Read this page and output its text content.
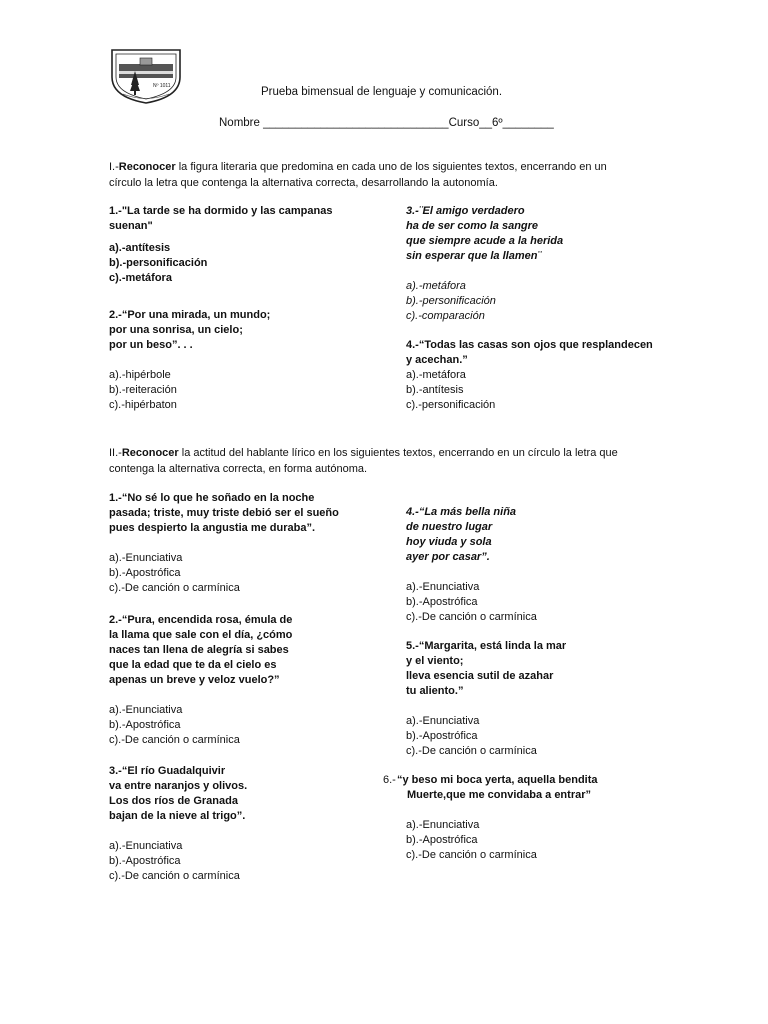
Nº 1011	Prueba bimensual de lenguaje y comunicación.
Nombre _____________________________Curso__6º________
I.-Reconocer la figura literaria que predomina en cada uno de los siguientes textos, encerrando en un
círculo la letra que contenga la alternativa correcta, desarrollando la autonomía.
1.-"La tarde se ha dormido y las campanas
suenan"
a).-antítesis
b).-personificación
c).-metáfora
2.-“Por una mirada, un mundo;
por una sonrisa, un cielo;
por un beso”. . .
a).-hipérbole
b).-reiteración
c).-hipérbaton
3.-¨El amigo verdadero
ha de ser como la sangre
que siempre acude a la herida
sin esperar que la llamen¨
a).-metáfora
b).-personificación
c).-comparación
4.-“Todas las casas son ojos que resplandecen
y acechan.”
a).-metáfora
b).-antítesis
c).-personificación
II.-Reconocer la actitud del hablante lírico en los siguientes textos, encerrando en un círculo la letra que
contenga la alternativa correcta, en forma autónoma.
1.-“No sé lo que he soñado en la noche
pasada; triste, muy triste debió ser el sueño
pues despierto la angustia me duraba”.
a).-Enunciativa
b).-Apostrófica
c).-De canción o carmínica
2.-“Pura, encendida rosa, émula de
la llama que sale con el día, ¿cómo
naces tan llena de alegría si sabes
que la edad que te da el cielo es
apenas un breve y veloz vuelo?”
a).-Enunciativa
b).-Apostrófica
c).-De canción o carmínica
3.-“El río Guadalquivir
va entre naranjos y olivos.
Los dos ríos de Granada
bajan de la nieve al trigo”.
a).-Enunciativa
b).-Apostrófica
c).-De canción o carmínica
4.-“La más bella niña
de nuestro lugar
hoy viuda y sola
ayer por casar”.
a).-Enunciativa
b).-Apostrófica
c).-De canción o carmínica
5.-“Margarita, está linda la mar
y el viento;
lleva esencia sutil de azahar
tu aliento.”
a).-Enunciativa
b).-Apostrófica
c).-De canción o carmínica
6.- “y beso mi boca yerta, aquella bendita
Muerte,que me convidaba a entrar”
a).-Enunciativa
b).-Apostrófica
c).-De canción o carmínica
